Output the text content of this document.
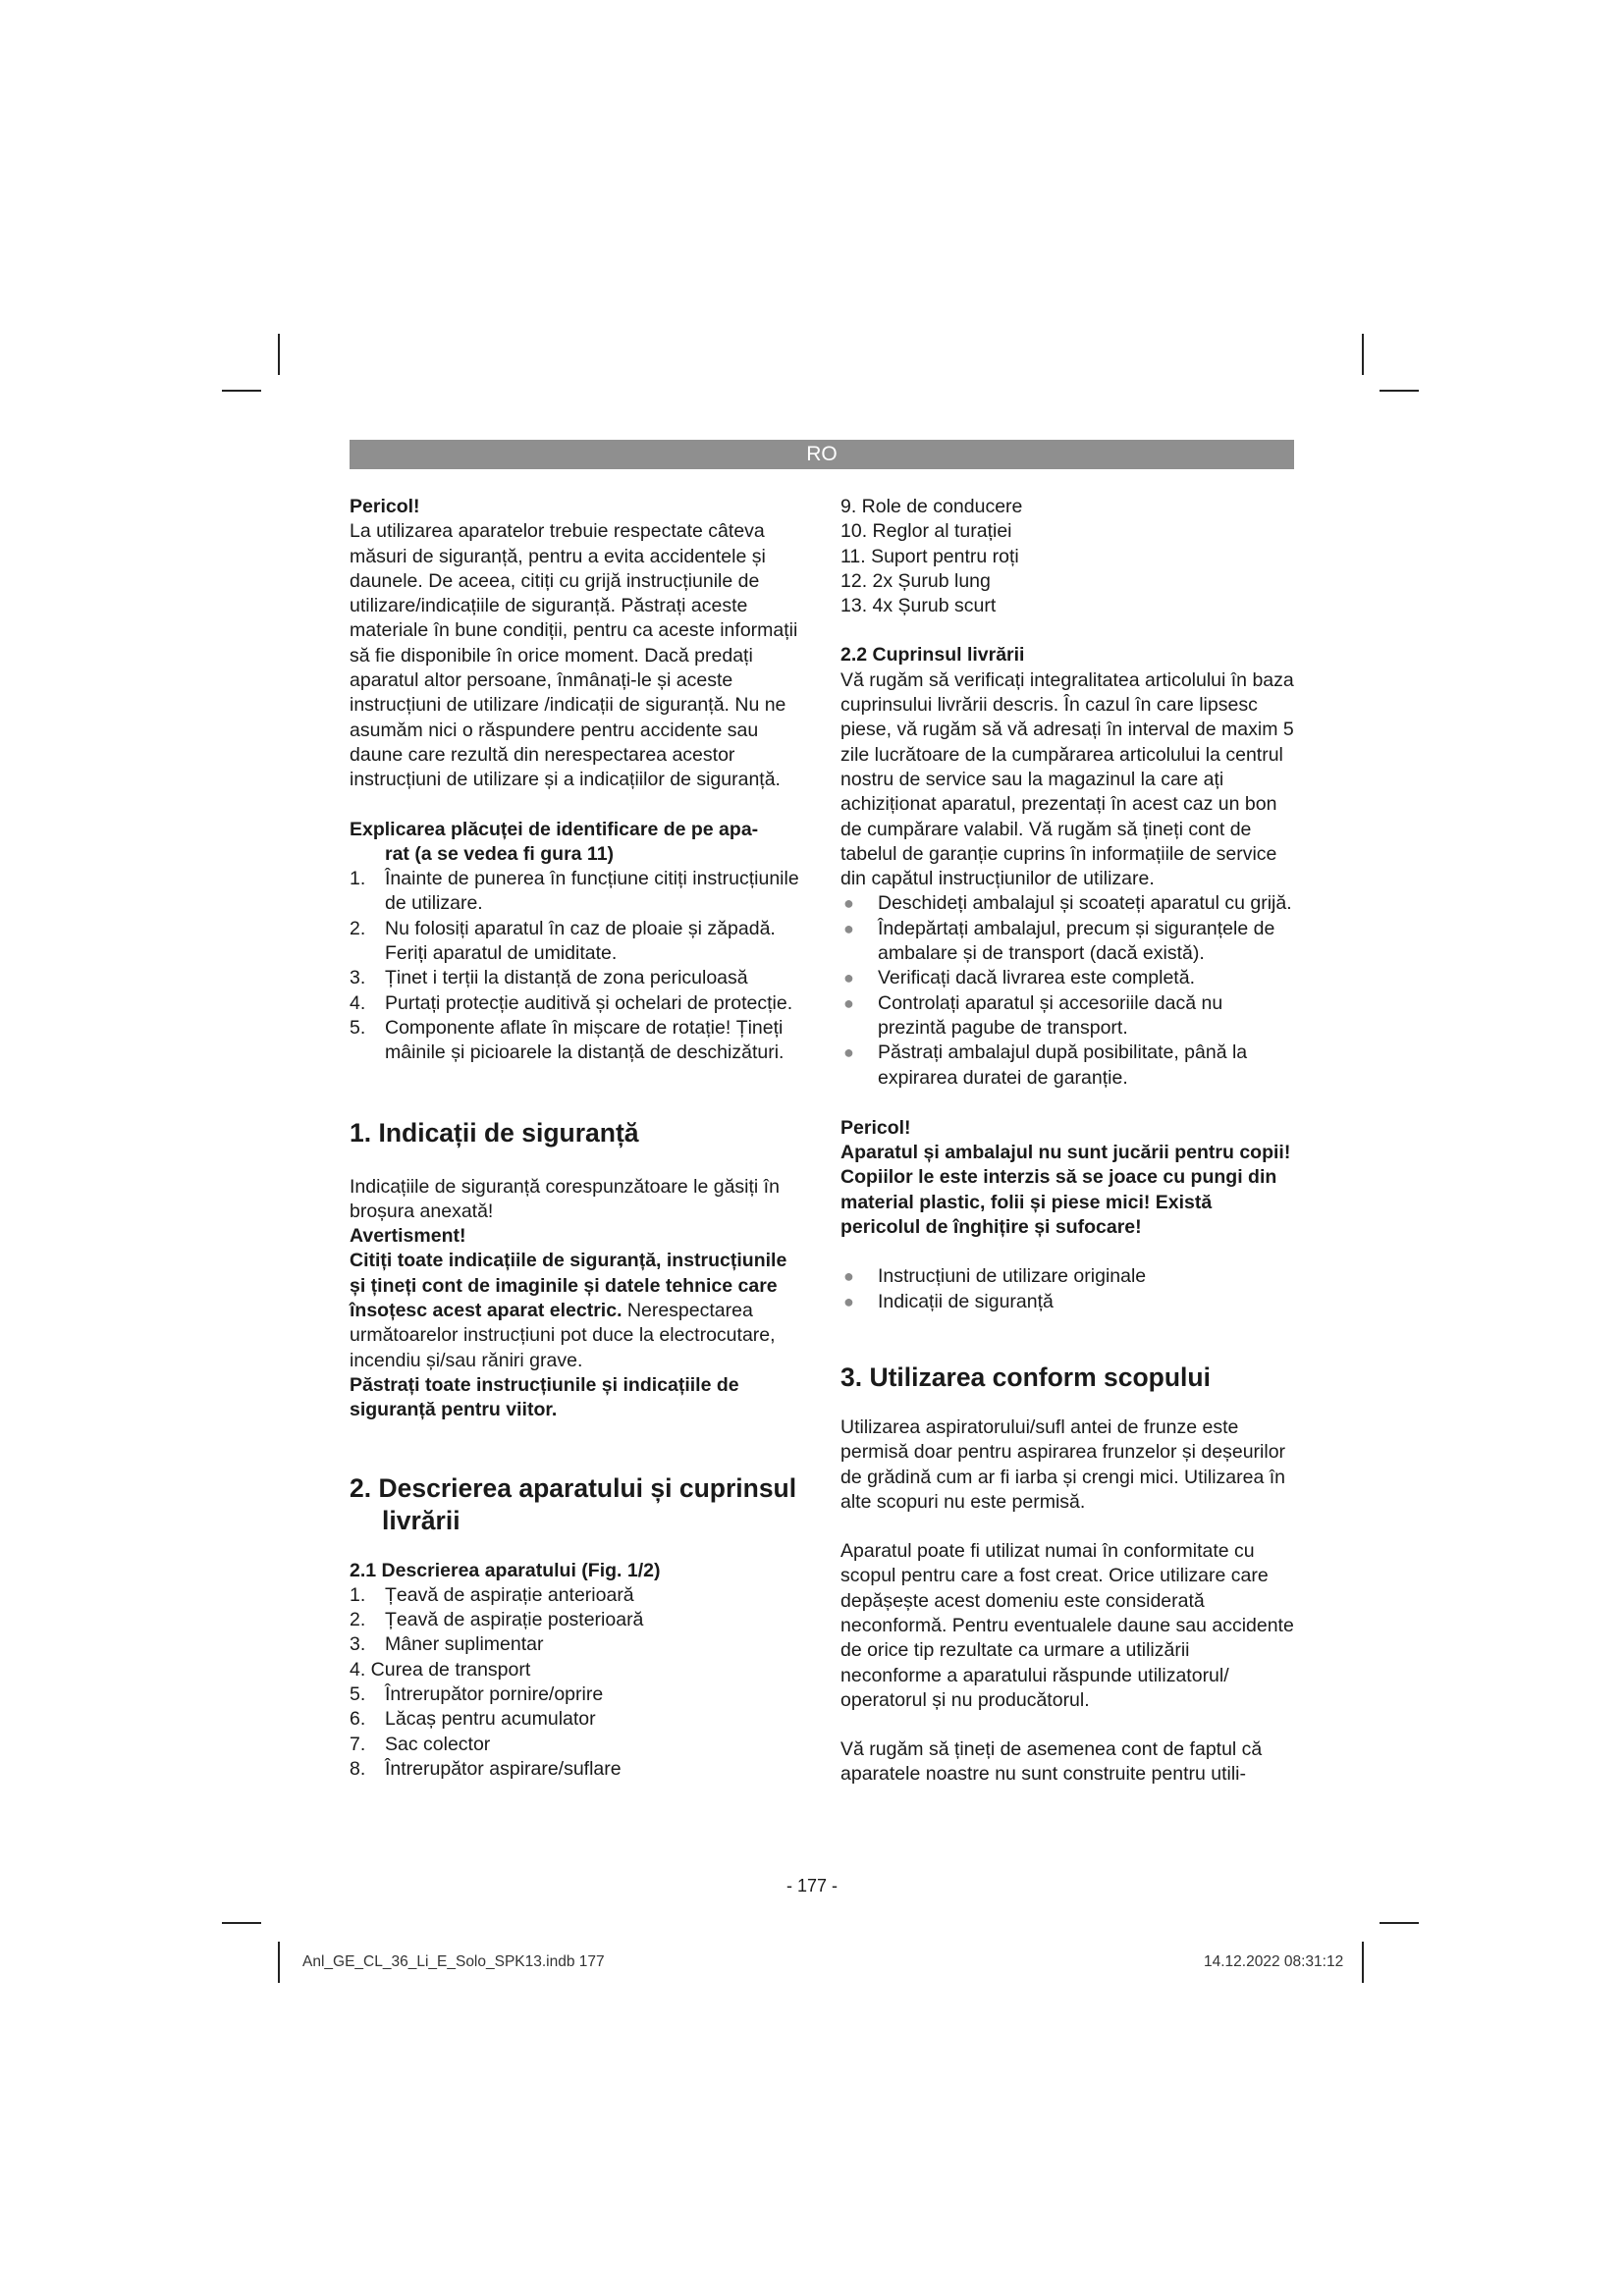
RO

Pericol!

La utilizarea aparatelor trebuie respectate câteva măsuri de siguranță, pentru a evita accidentele și daunele. De aceea, citiți cu grijă instrucțiunile de utilizare/indicațiile de siguranță. Păstrați aceste materiale în bune condiții, pentru ca aceste informații să fie disponibile în orice moment. Dacă predați aparatul altor persoane, înmânați-le și aceste instrucțiuni de utilizare /indicații de siguranță. Nu ne asumăm nici o răspundere pentru accidente sau daune care rezultă din nerespectarea acestor instrucțiuni de utilizare și a indicațiilor de siguranță.

Explicarea plăcuței de identificare de pe apa-

rat (a se vedea fi gura 11)

1. Înainte de punerea în funcțiune citiți instrucțiunile de utilizare.
2. Nu folosiți aparatul în caz de ploaie și zăpadă. Feriți aparatul de umiditate.
3. Ținet i terții la distanță de zona periculoasă
4. Purtați protecție auditivă și ochelari de protecție.
5. Componente aflate în mișcare de rotație! Țineți mâinile și picioarele la distanță de deschizături.

1. Indicații de siguranță

Indicațiile de siguranță corespunzătoare le găsiți în broșura anexată!

Avertisment!

Citiți toate indicațiile de siguranță, instrucțiunile și țineți cont de imaginile și datele tehnice care însoțesc acest aparat electric. Nerespectarea următoarelor instrucțiuni pot duce la electrocutare, incendiu și/sau răniri grave.

Păstrați toate instrucțiunile și indicațiile de siguranță pentru viitor.

2. Descrierea aparatului și cuprinsul

livrării

2.1 Descrierea aparatului (Fig. 1/2)

1. Țeavă de aspirație anterioară
2. Țeavă de aspirație posterioară
3. Mâner suplimentar

4. Curea de transport

5. Întrerupător pornire/oprire
6. Lăcaș pentru acumulator
7. Sac colector
8. Întrerupător aspirare/suflare
9. Role de conducere
10. Reglor al turației
11. Suport pentru roți
12. 2x Șurub lung
13. 4x Șurub scurt

2.2 Cuprinsul livrării

Vă rugăm să verificați integralitatea articolului în baza cuprinsului livrării descris. În cazul în care lipsesc piese, vă rugăm să vă adresați în interval de maxim 5 zile lucrătoare de la cumpărarea articolului la centrul nostru de service sau la magazinul la care ați achiziționat aparatul, prezentați în acest caz un bon de cumpărare valabil. Vă rugăm să țineți cont de tabelul de garanție cuprins în informațiile de service din capătul instrucțiunilor de utilizare.

● Deschideți ambalajul și scoateți aparatul cu grijă.
● Îndepărtați ambalajul, precum și siguranțele de ambalare și de transport (dacă există).
● Verificați dacă livrarea este completă.
● Controlați aparatul și accesoriile dacă nu prezintă pagube de transport.
● Păstrați ambalajul după posibilitate, până la expirarea duratei de garanție.

Pericol!

Aparatul și ambalajul nu sunt jucării pentru copii! Copiilor le este interzis să se joace cu pungi din material plastic, folii și piese mici! Există pericolul de înghițire și sufocare!

● Instrucțiuni de utilizare originale
● Indicații de siguranță

3. Utilizarea conform scopului

Utilizarea aspiratorului/sufl antei de frunze este permisă doar pentru aspirarea frunzelor și deșeurilor de grădină cum ar fi iarba și crengi mici. Utilizarea în alte scopuri nu este permisă.

Aparatul poate fi utilizat numai în conformitate cu scopul pentru care a fost creat. Orice utilizare care depășește acest domeniu este considerată neconformă. Pentru eventualele daune sau accidente de orice tip rezultate ca urmare a utilizării neconforme a aparatului răspunde utilizatorul/ operatorul și nu producătorul.

Vă rugăm să țineți de asemenea cont de faptul că aparatele noastre nu sunt construite pentru utili-

- 177 -
Anl_GE_CL_36_Li_E_Solo_SPK13.indb 177	14.12.2022 08:31:12
